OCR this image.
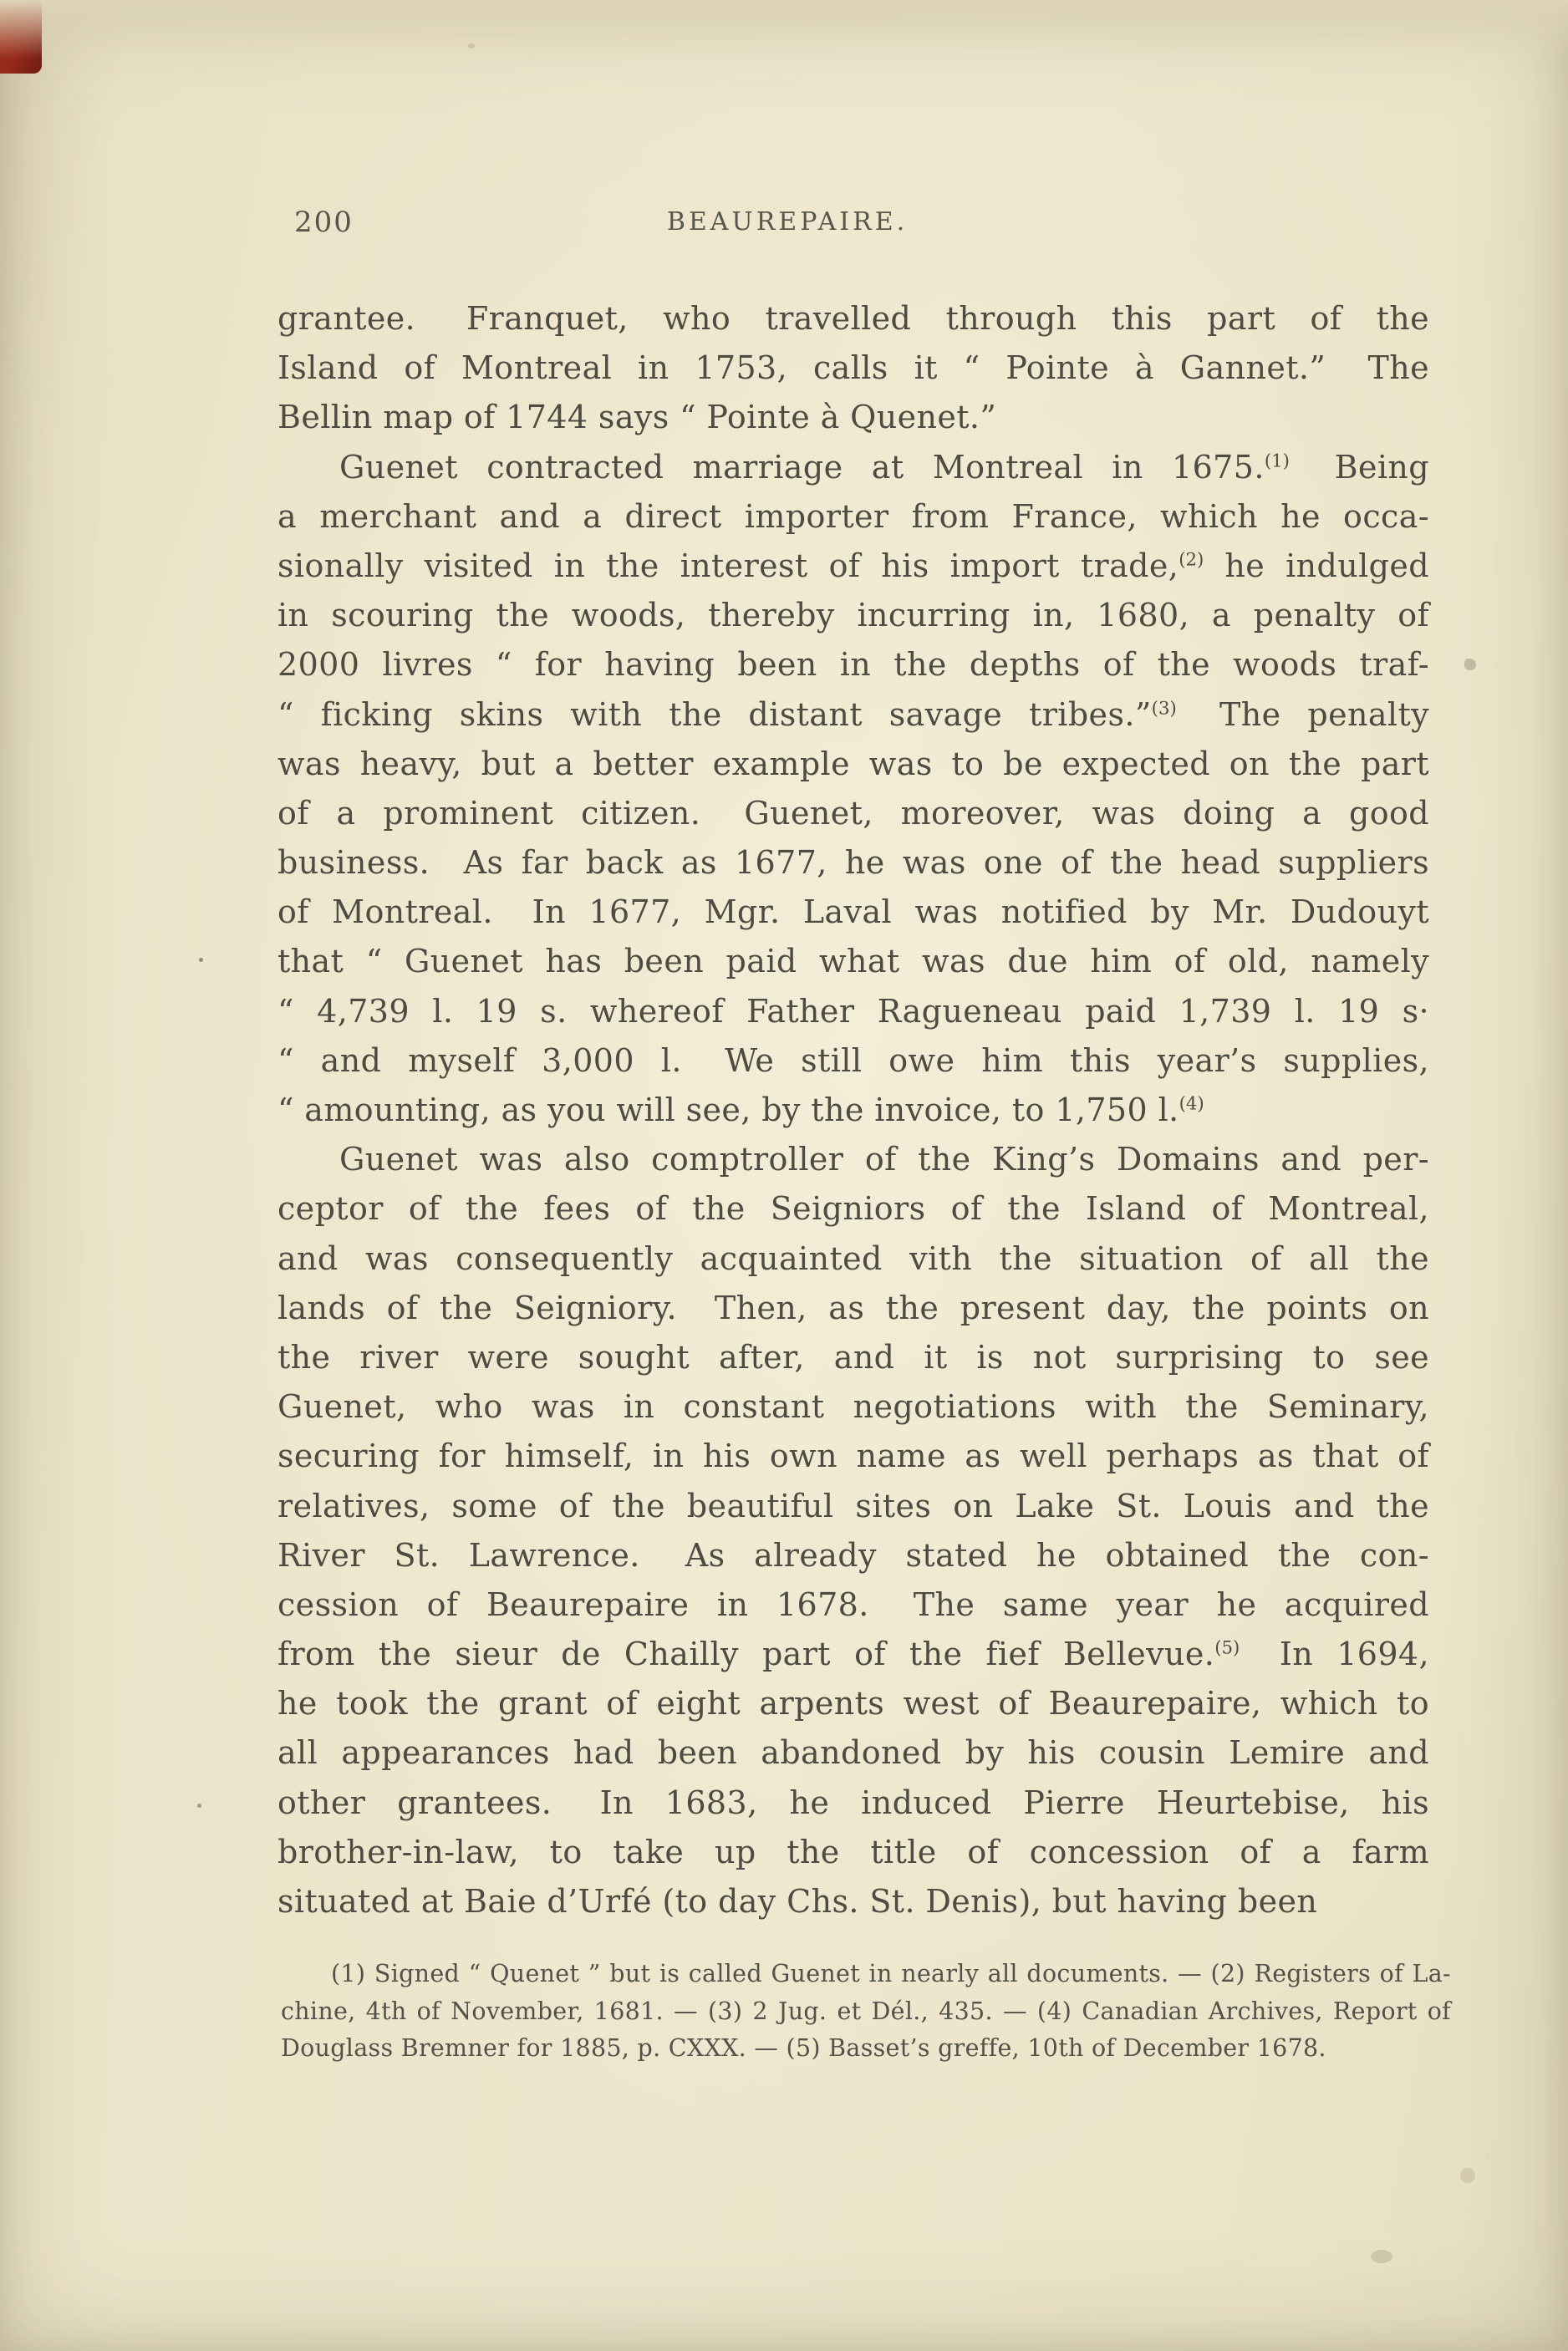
200	BEAUREPAIRE.
grantee.  Franquet, who travelled through this part of the
Island of Montreal in 1753, calls it “ Pointe à Gannet.”  The
Bellin map of 1744 says “ Pointe à Quenet.”
Guenet contracted marriage at Montreal in 1675.$^{(1)}$  Being
a merchant and a direct importer from France, which he occa-
sionally visited in the interest of his import trade,$^{(2)}$ he indulged
in scouring the woods, thereby incurring in, 1680, a penalty of
2000 livres “ for having been in the depths of the woods traf-
“ ficking skins with the distant savage tribes.”$^{(3)}$  The penalty
was heavy, but a better example was to be expected on the part
of a prominent citizen.  Guenet, moreover, was doing a good
business.  As far back as 1677, he was one of the head suppliers
of Montreal.  In 1677, Mgr. Laval was notified by Mr. Dudouyt
that “ Guenet has been paid what was due him of old, namely
“ 4,739 l. 19 s. whereof Father Ragueneau paid 1,739 l. 19 s·
“ and myself 3,000 l.  We still owe him this year’s supplies,
“ amounting, as you will see, by the invoice, to 1,750 l.$^{(4)}$
Guenet was also comptroller of the King’s Domains and per-
ceptor of the fees of the Seigniors of the Island of Montreal,
and was consequently acquainted vith the situation of all the
lands of the Seigniory.  Then, as the present day, the points on
the river were sought after, and it is not surprising to see
Guenet, who was in constant negotiations with the Seminary,
securing for himself, in his own name as well perhaps as that of
relatives, some of the beautiful sites on Lake St. Louis and the
River St. Lawrence.  As already stated he obtained the con-
cession of Beaurepaire in 1678.  The same year he acquired
from the sieur de Chailly part of the fief Bellevue.$^{(5)}$  In 1694,
he took the grant of eight arpents west of Beaurepaire, which to
all appearances had been abandoned by his cousin Lemire and
other grantees.  In 1683, he induced Pierre Heurtebise, his
brother-in-law, to take up the title of concession of a farm
situated at Baie d’Urfé (to day Chs. St. Denis), but having been
(1) Signed “ Quenet ” but is called Guenet in nearly all documents. — (2) Registers of La-
chine, 4th of November, 1681. — (3) 2 Jug. et Dél., 435. — (4) Canadian Archives, Report of
Douglass Bremner for 1885, p. CXXX. — (5) Basset’s greffe, 10th of December 1678.
